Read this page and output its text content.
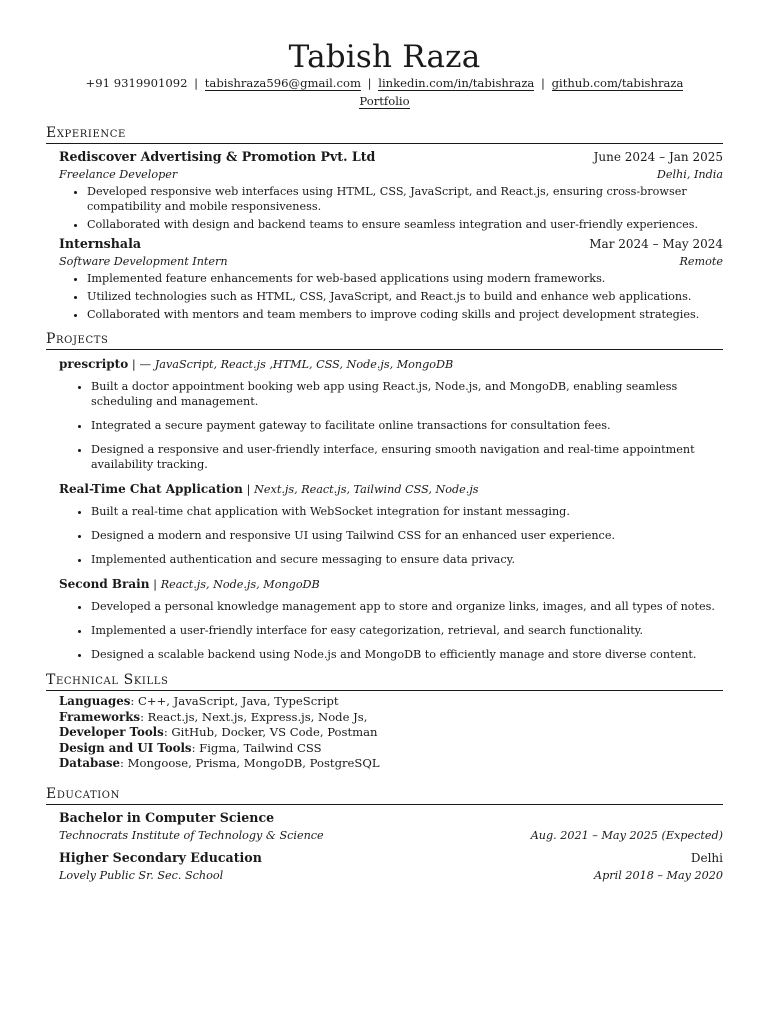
Tabish Raza
+91 9319901092 | tabishraza596@gmail.com | linkedin.com/in/tabishraza | github.com/tabishraza
Portfolio
Experience
Rediscover Advertising & Promotion Pvt. Ltd	June 2024 – Jan 2025
Freelance Developer	Delhi, India
• Developed responsive web interfaces using HTML, CSS, JavaScript, and React.js, ensuring cross-browser compatibility and mobile responsiveness.
• Collaborated with design and backend teams to ensure seamless integration and user-friendly experiences.
Internshala	Mar 2024 – May 2024
Software Development Intern	Remote
• Implemented feature enhancements for web-based applications using modern frameworks.
• Utilized technologies such as HTML, CSS, JavaScript, and React.js to build and enhance web applications.
• Collaborated with mentors and team members to improve coding skills and project development strategies.
Projects
prescripto | — JavaScript, React.js ,HTML, CSS, Node.js, MongoDB
• Built a doctor appointment booking web app using React.js, Node.js, and MongoDB, enabling seamless scheduling and management.
• Integrated a secure payment gateway to facilitate online transactions for consultation fees.
• Designed a responsive and user-friendly interface, ensuring smooth navigation and real-time appointment availability tracking.
Real-Time Chat Application | Next.js, React.js, Tailwind CSS, Node.js
• Built a real-time chat application with WebSocket integration for instant messaging.
• Designed a modern and responsive UI using Tailwind CSS for an enhanced user experience.
• Implemented authentication and secure messaging to ensure data privacy.
Second Brain | React.js, Node.js, MongoDB
• Developed a personal knowledge management app to store and organize links, images, and all types of notes.
• Implemented a user-friendly interface for easy categorization, retrieval, and search functionality.
• Designed a scalable backend using Node.js and MongoDB to efficiently manage and store diverse content.
Technical Skills
Languages: C++, JavaScript, Java, TypeScript
Frameworks: React.js, Next.js, Express.js, Node Js,
Developer Tools: GitHub, Docker, VS Code, Postman
Design and UI Tools: Figma, Tailwind CSS
Database: Mongoose, Prisma, MongoDB, PostgreSQL
Education
Bachelor in Computer Science
Technocrats Institute of Technology & Science	Aug. 2021 – May 2025 (Expected)
Higher Secondary Education	Delhi
Lovely Public Sr. Sec. School	April 2018 – May 2020
